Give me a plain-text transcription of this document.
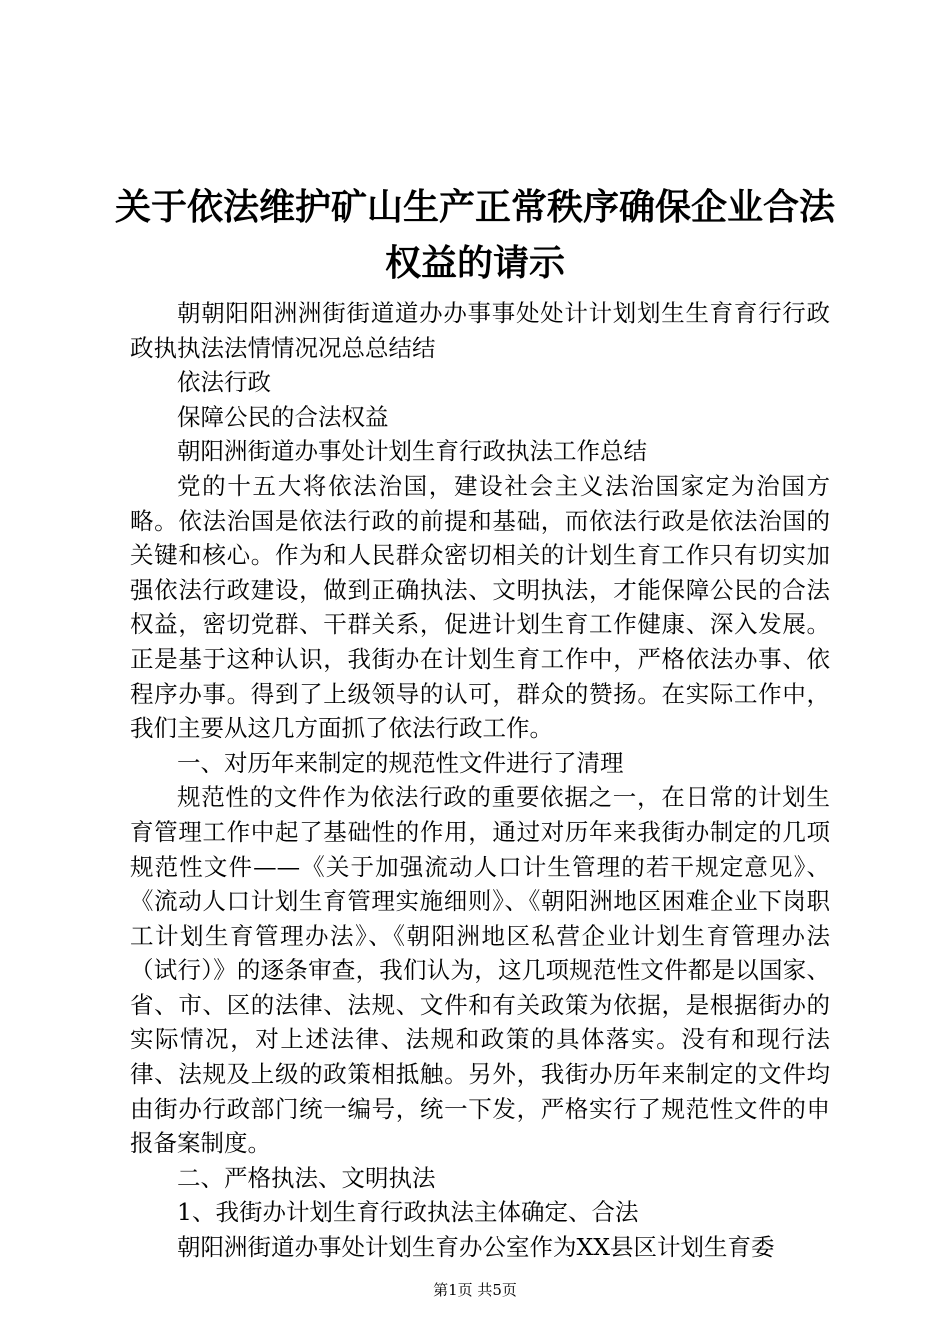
关于依法维护矿山生产正常秩序确保企业合法
权益的请示

朝朝阳阳洲洲街街道道办办事事处处计计划划生生育育行行政政执执法法情情况况总总结结

依法行政

保障公民的合法权益

朝阳洲街道办事处计划生育行政执法工作总结

党的十五大将依法治国，建设社会主义法治国家定为治国方略。依法治国是依法行政的前提和基础，而依法行政是依法治国的关键和核心。作为和人民群众密切相关的计划生育工作只有切实加强依法行政建设，做到正确执法、文明执法，才能保障公民的合法权益，密切党群、干群关系，促进计划生育工作健康、深入发展。正是基于这种认识，我街办在计划生育工作中，严格依法办事、依程序办事。得到了上级领导的认可，群众的赞扬。在实际工作中，我们主要从这几方面抓了依法行政工作。

一、对历年来制定的规范性文件进行了清理

规范性的文件作为依法行政的重要依据之一，在日常的计划生育管理工作中起了基础性的作用，通过对历年来我街办制定的几项规范性文件——《关于加强流动人口计生管理的若干规定意见》、《流动人口计划生育管理实施细则》、《朝阳洲地区困难企业下岗职工计划生育管理办法》、《朝阳洲地区私营企业计划生育管理办法（试行）》的逐条审查，我们认为，这几项规范性文件都是以国家、省、市、区的法律、法规、文件和有关政策为依据，是根据街办的实际情况，对上述法律、法规和政策的具体落实。没有和现行法律、法规及上级的政策相抵触。另外，我街办历年来制定的文件均由街办行政部门统一编号，统一下发，严格实行了规范性文件的申报备案制度。

二、严格执法、文明执法

1、我街办计划生育行政执法主体确定、合法

朝阳洲街道办事处计划生育办公室作为XX县区计划生育委

第1页 共5页
